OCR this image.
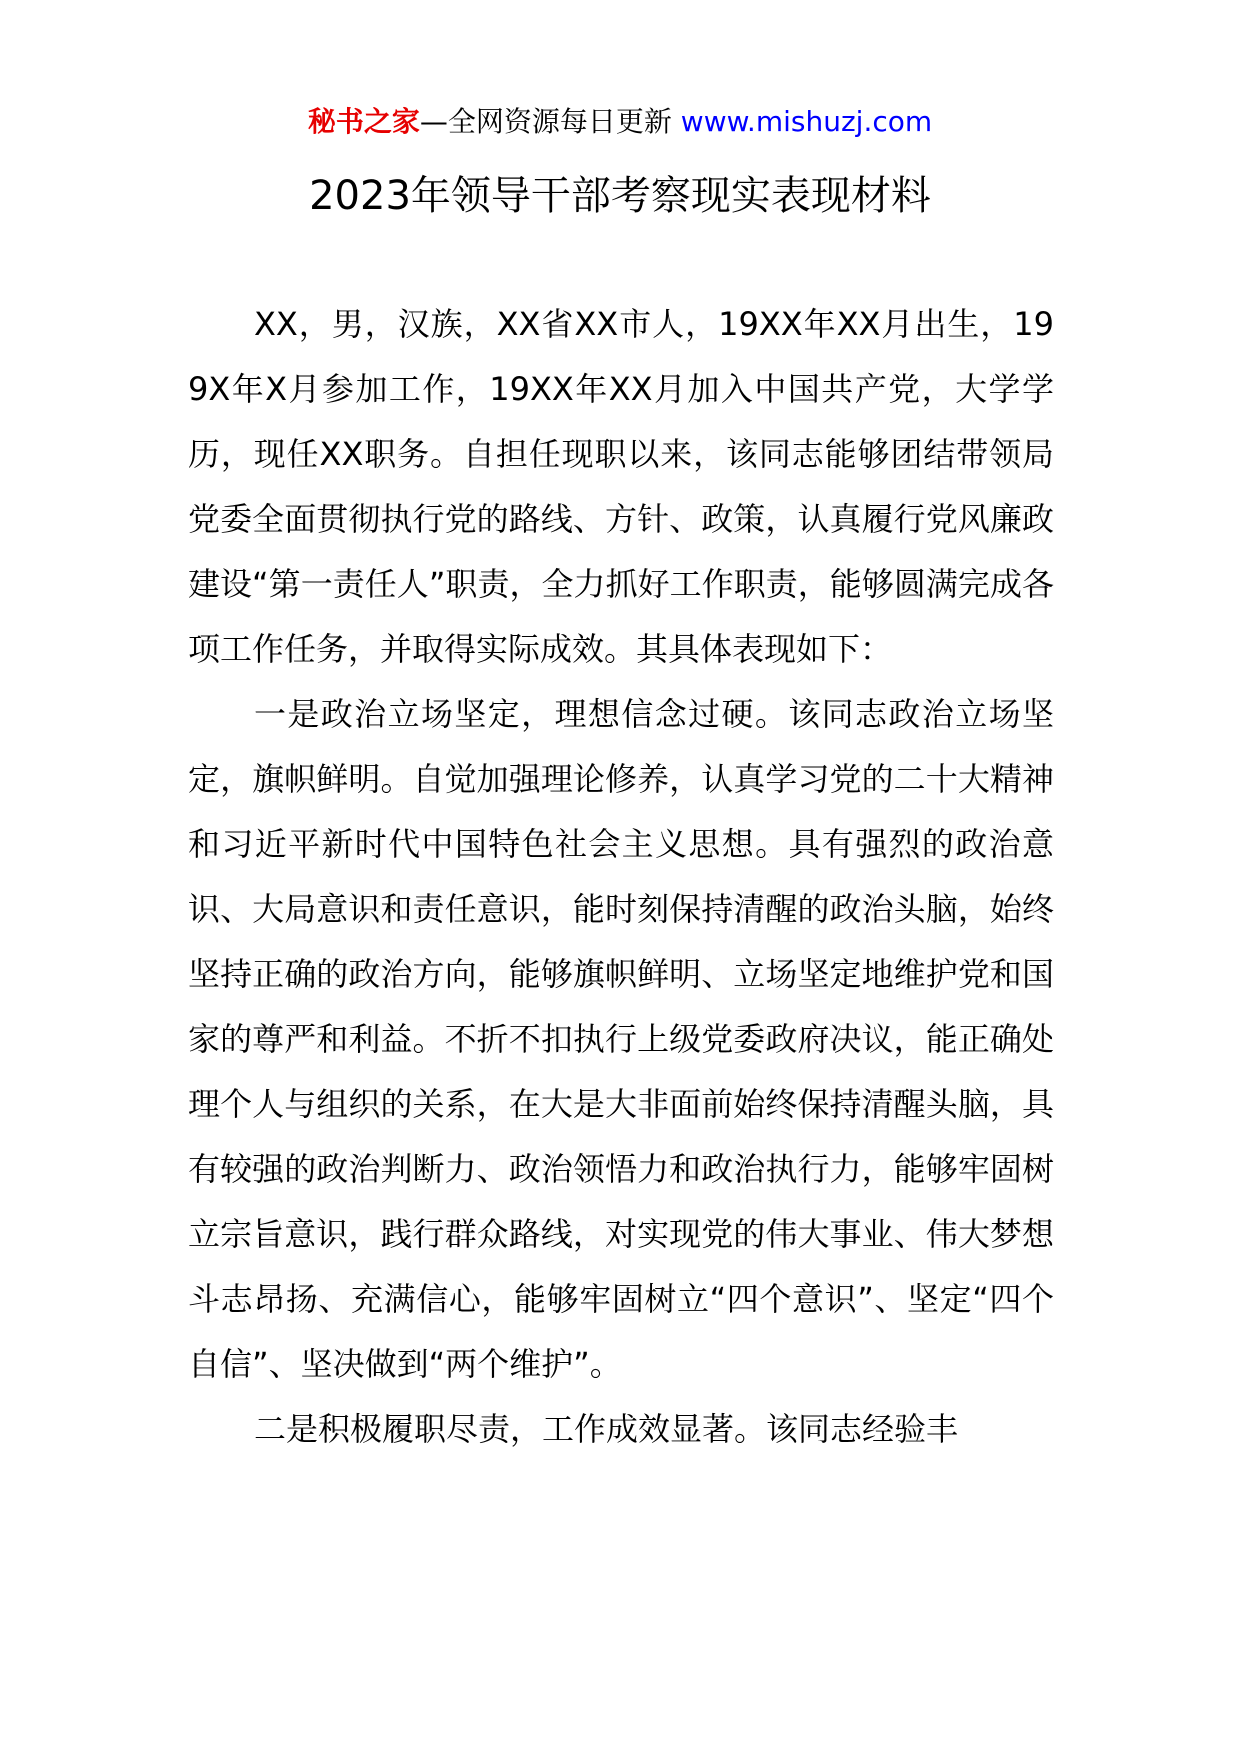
秘书之家—全网资源每日更新 www.mishuzj.com
2023年领导干部考察现实表现材料

XX，男，汉族，XX省XX市人，19XX年XX月出生，199X年X月参加工作，19XX年XX月加入中国共产党，大学学历，现任XX职务。自担任现职以来，该同志能够团结带领局党委全面贯彻执行党的路线、方针、政策，认真履行党风廉政建设“第一责任人”职责，全力抓好工作职责，能够圆满完成各项工作任务，并取得实际成效。其具体表现如下：

一是政治立场坚定，理想信念过硬。该同志政治立场坚定，旗帜鲜明。自觉加强理论修养，认真学习党的二十大精神和习近平新时代中国特色社会主义思想。具有强烈的政治意识、大局意识和责任意识，能时刻保持清醒的政治头脑，始终坚持正确的政治方向，能够旗帜鲜明、立场坚定地维护党和国家的尊严和利益。不折不扣执行上级党委政府决议，能正确处理个人与组织的关系，在大是大非面前始终保持清醒头脑，具有较强的政治判断力、政治领悟力和政治执行力，能够牢固树立宗旨意识，践行群众路线，对实现党的伟大事业、伟大梦想斗志昂扬、充满信心，能够牢固树立“四个意识”、坚定“四个自信”、坚决做到“两个维护”。

二是积极履职尽责，工作成效显著。该同志经验丰
